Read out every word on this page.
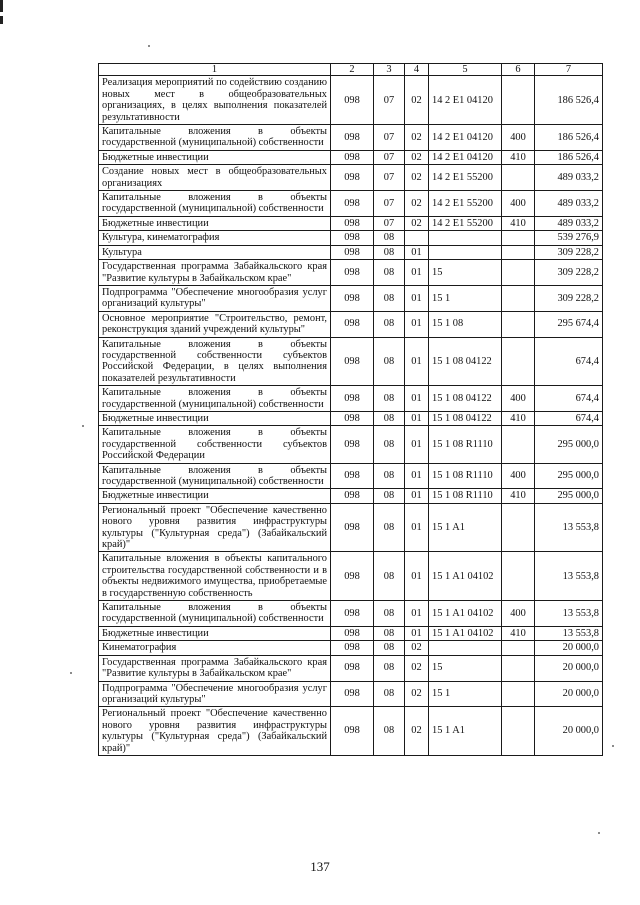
1	2	3	4	5	6	7
Реализация мероприятий по содействию созданию новых мест в общеобразовательных организациях, в целях выполнения показателей результативности	098	07	02	14 2 E1 04120		186 526,4
Капитальные вложения в объекты государственной (муниципальной) собственности	098	07	02	14 2 E1 04120	400	186 526,4
Бюджетные инвестиции	098	07	02	14 2 E1 04120	410	186 526,4
Создание новых мест в общеобразовательных организациях	098	07	02	14 2 E1 55200		489 033,2
Капитальные вложения в объекты государственной (муниципальной) собственности	098	07	02	14 2 E1 55200	400	489 033,2
Бюджетные инвестиции	098	07	02	14 2 E1 55200	410	489 033,2
Культура, кинематография	098	08				539 276,9
Культура	098	08	01			309 228,2
Государственная программа Забайкальского края "Развитие культуры в Забайкальском крае"	098	08	01	15		309 228,2
Подпрограмма "Обеспечение многообразия услуг организаций культуры"	098	08	01	15 1		309 228,2
Основное мероприятие "Строительство, ремонт, реконструкция зданий учреждений культуры"	098	08	01	15 1 08		295 674,4
Капитальные вложения в объекты государственной собственности субъектов Российской Федерации, в целях выполнения показателей результативности	098	08	01	15 1 08 04122		674,4
Капитальные вложения в объекты государственной (муниципальной) собственности	098	08	01	15 1 08 04122	400	674,4
Бюджетные инвестиции	098	08	01	15 1 08 04122	410	674,4
Капитальные вложения в объекты государственной собственности субъектов Российской Федерации	098	08	01	15 1 08 R1110		295 000,0
Капитальные вложения в объекты государственной (муниципальной) собственности	098	08	01	15 1 08 R1110	400	295 000,0
Бюджетные инвестиции	098	08	01	15 1 08 R1110	410	295 000,0
Региональный проект "Обеспечение качественно нового уровня развития инфраструктуры культуры ("Культурная среда") (Забайкальский край)"	098	08	01	15 1 A1		13 553,8
Капитальные вложения в объекты капитального строительства государственной собственности и в объекты недвижимого имущества, приобретаемые в государственную собственность	098	08	01	15 1 A1 04102		13 553,8
Капитальные вложения в объекты государственной (муниципальной) собственности	098	08	01	15 1 A1 04102	400	13 553,8
Бюджетные инвестиции	098	08	01	15 1 A1 04102	410	13 553,8
Кинематография	098	08	02			20 000,0
Государственная программа Забайкальского края "Развитие культуры в Забайкальском крае"	098	08	02	15		20 000,0
Подпрограмма "Обеспечение многообразия услуг организаций культуры"	098	08	02	15 1		20 000,0
Региональный проект "Обеспечение качественно нового уровня развития инфраструктуры культуры ("Культурная среда") (Забайкальский край)"	098	08	02	15 1 A1		20 000,0
137
